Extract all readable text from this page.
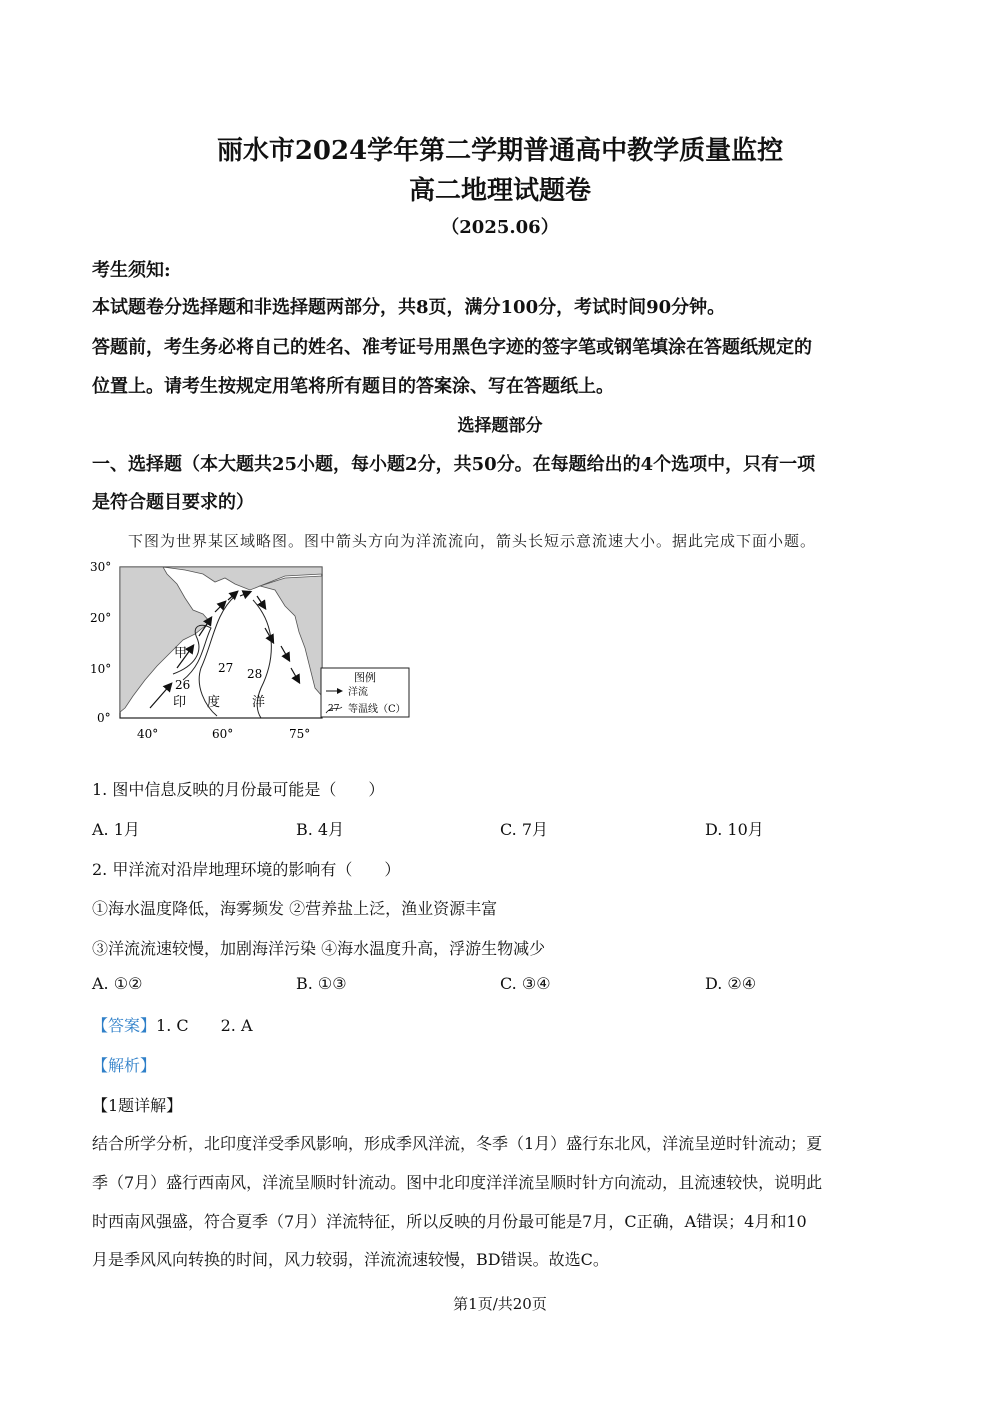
丽水市2024学年第二学期普通高中教学质量监控
高二地理试题卷
（2025.06）
考生须知:
本试题卷分选择题和非选择题两部分，共8页，满分100分，考试时间90分钟。
答题前，考生务必将自己的姓名、准考证号用黑色字迹的签字笔或钢笔填涂在答题纸规定的
位置上。请考生按规定用笔将所有题目的答案涂、写在答题纸上。
选择题部分
一、选择题（本大题共25小题，每小题2分，共50分。在每题给出的4个选项中，只有一项
是符合题目要求的）
下图为世界某区域略图。图中箭头方向为洋流流向，箭头长短示意流速大小。据此完成下面小题。
30°
20°
10°
0°
40°	60°	75°
26
27 28
甲
印 度 洋
图例
洋流
27 等温线（C）
1. 图中信息反映的月份最可能是（　　）
A. 1月	B. 4月	C. 7月	D. 10月
2. 甲洋流对沿岸地理环境的影响有（　　）
①海水温度降低，海雾频发 ②营养盐上泛，渔业资源丰富
③洋流流速较慢，加剧海洋污染 ④海水温度升高，浮游生物减少
A. ①②	B. ①③	C. ③④	D. ②④
【答案】1. C　　2. A
【解析】
【1题详解】
结合所学分析，北印度洋受季风影响，形成季风洋流，冬季（1月）盛行东北风，洋流呈逆时针流动；夏
季（7月）盛行西南风，洋流呈顺时针流动。图中北印度洋洋流呈顺时针方向流动，且流速较快，说明此
时西南风强盛，符合夏季（7月）洋流特征，所以反映的月份最可能是7月，C正确，A错误；4月和10
月是季风风向转换的时间，风力较弱，洋流流速较慢，BD错误。故选C。
第1页/共20页
